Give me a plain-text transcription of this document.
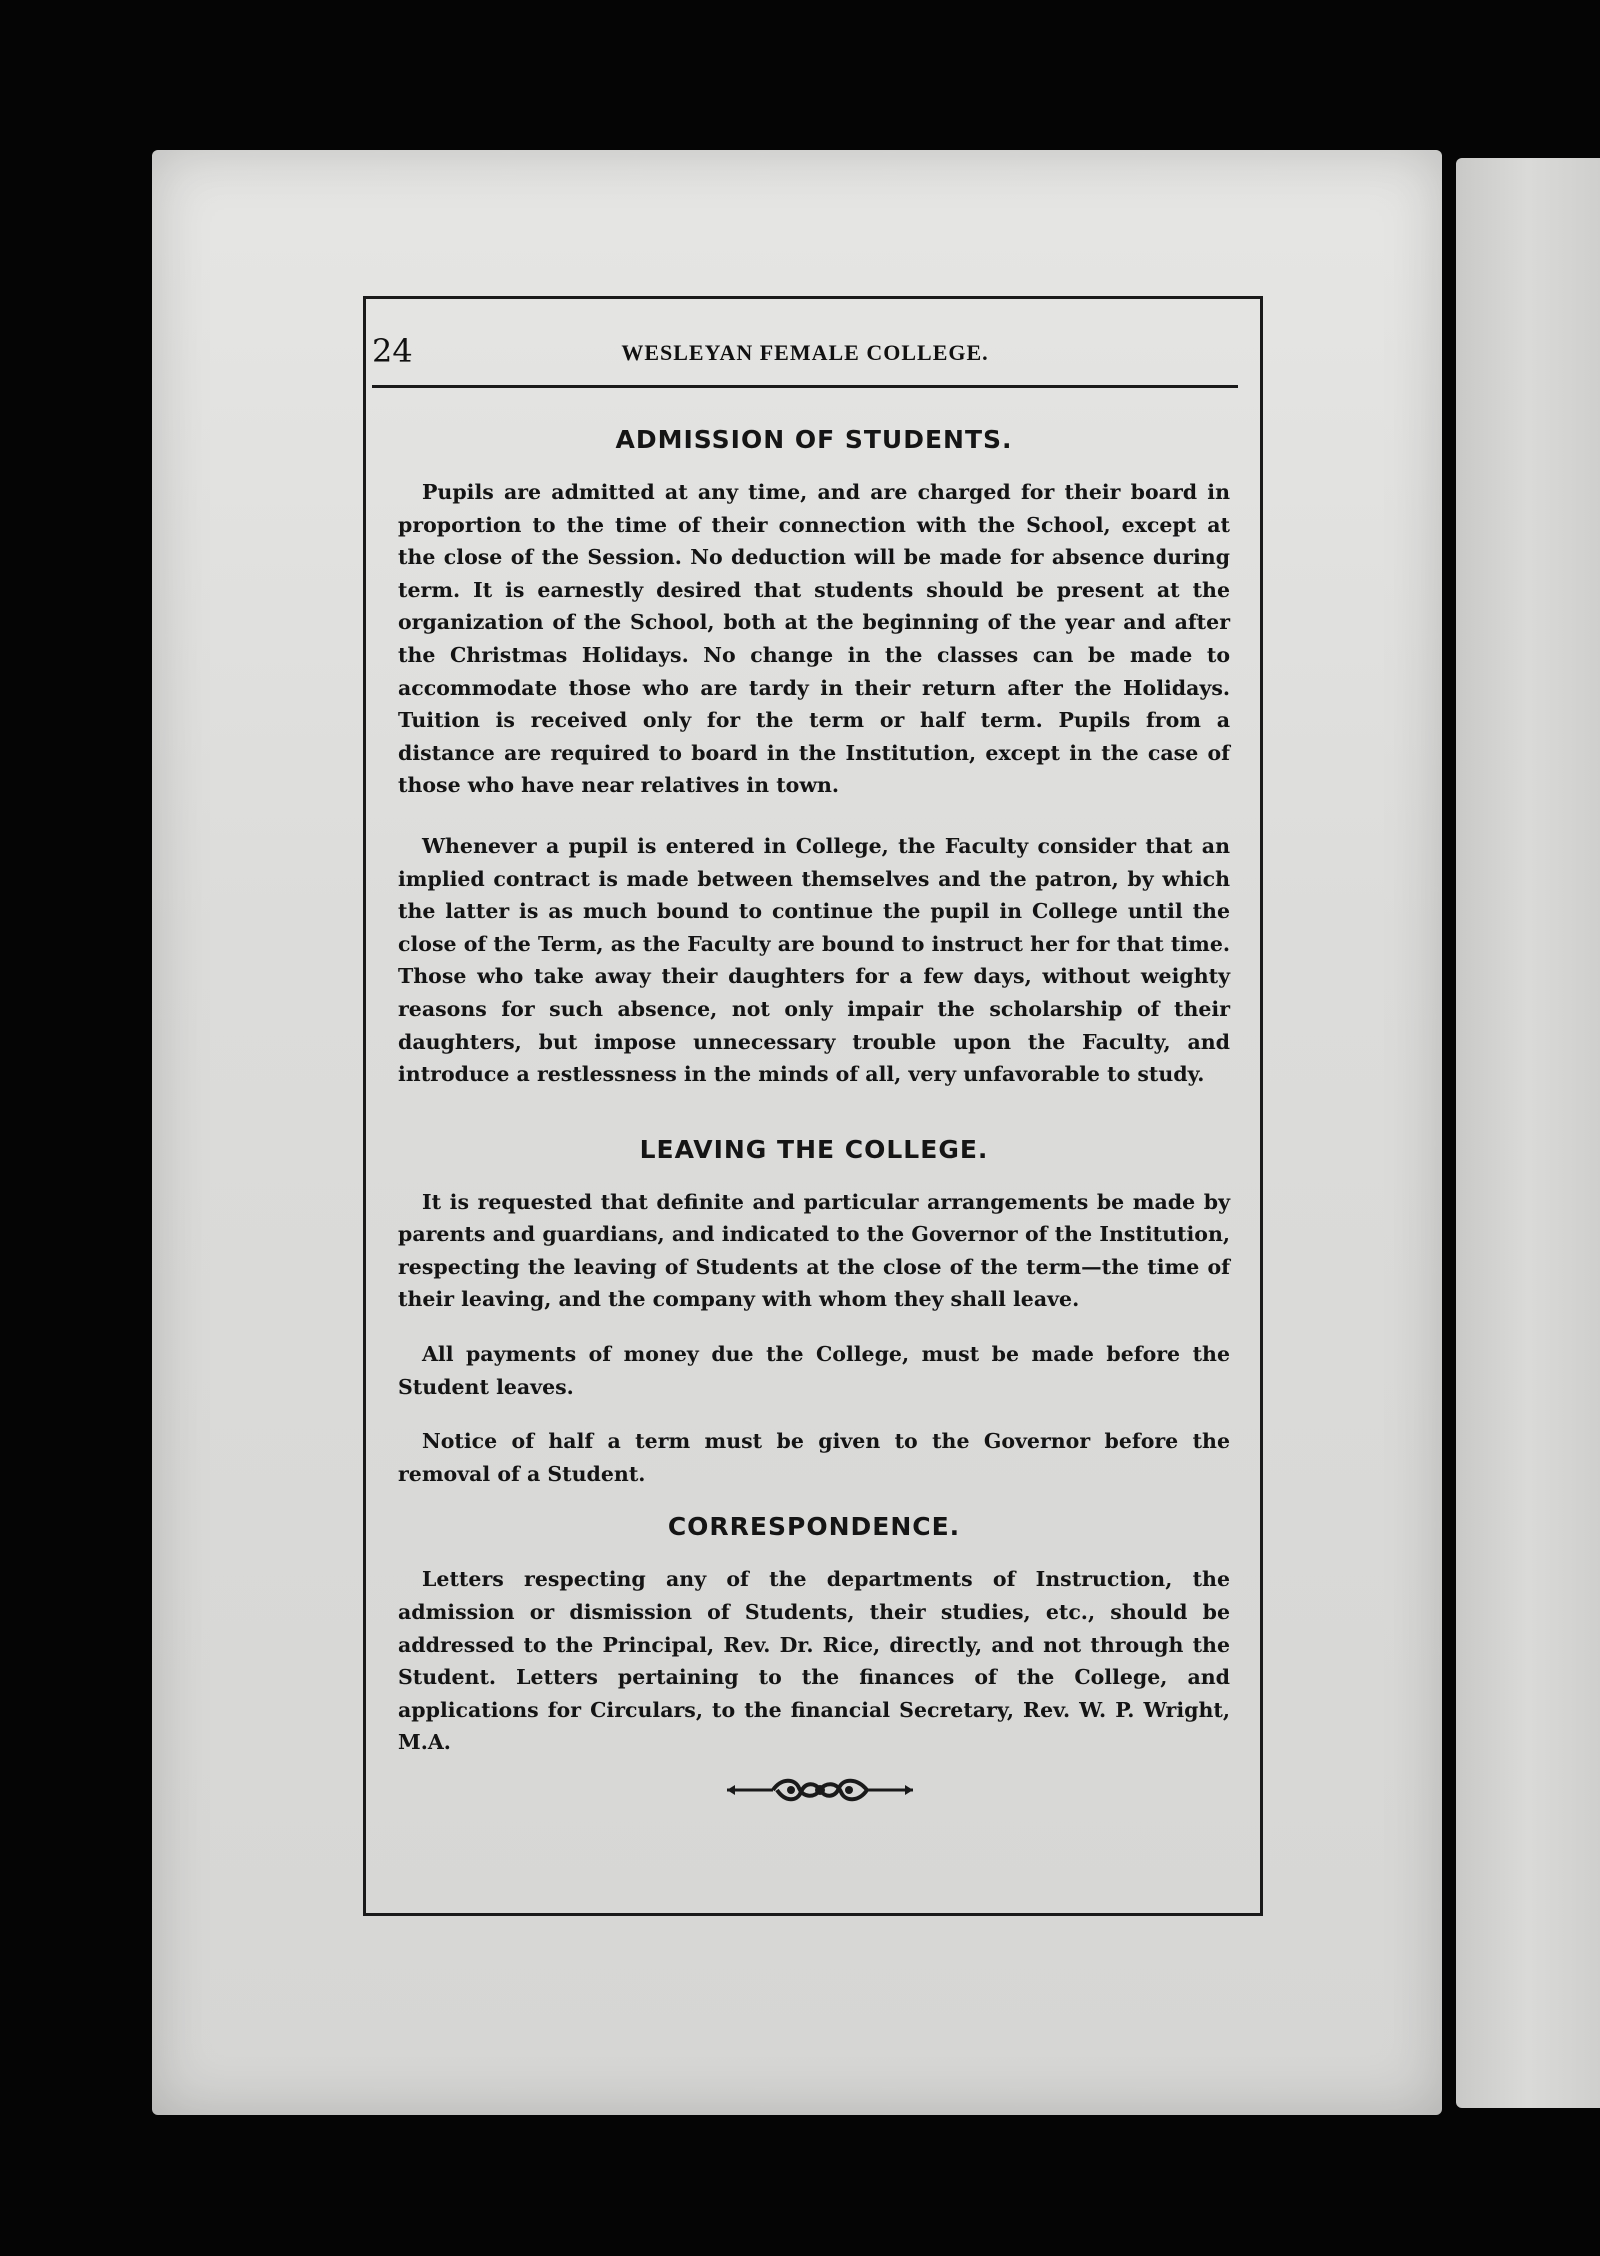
24	WESLEYAN FEMALE COLLEGE.
ADMISSION OF STUDENTS.

Pupils are admitted at any time, and are charged for their board in proportion to the time of their connection with the School, except at the close of the Session. No deduction will be made for absence during term. It is earnestly desired that students should be present at the organization of the School, both at the beginning of the year and after the Christmas Holidays. No change in the classes can be made to accommodate those who are tardy in their return after the Holidays. Tuition is received only for the term or half term. Pupils from a distance are required to board in the Institution, except in the case of those who have near relatives in town.

Whenever a pupil is entered in College, the Faculty consider that an implied contract is made between themselves and the patron, by which the latter is as much bound to continue the pupil in College until the close of the Term, as the Faculty are bound to instruct her for that time. Those who take away their daughters for a few days, without weighty reasons for such absence, not only impair the scholarship of their daughters, but impose unnecessary trouble upon the Faculty, and introduce a restlessness in the minds of all, very unfavorable to study.

LEAVING THE COLLEGE.

It is requested that definite and particular arrangements be made by parents and guardians, and indicated to the Governor of the Institution, respecting the leaving of Students at the close of the term—the time of their leaving, and the company with whom they shall leave.

All payments of money due the College, must be made before the Student leaves.

Notice of half a term must be given to the Governor before the removal of a Student.

CORRESPONDENCE.

Letters respecting any of the departments of Instruction, the admission or dismission of Students, their studies, etc., should be addressed to the Principal, Rev. Dr. Rice, directly, and not through the Student. Letters pertaining to the finances of the College, and applications for Circulars, to the financial Secretary, Rev. W. P. Wright, M.A.
